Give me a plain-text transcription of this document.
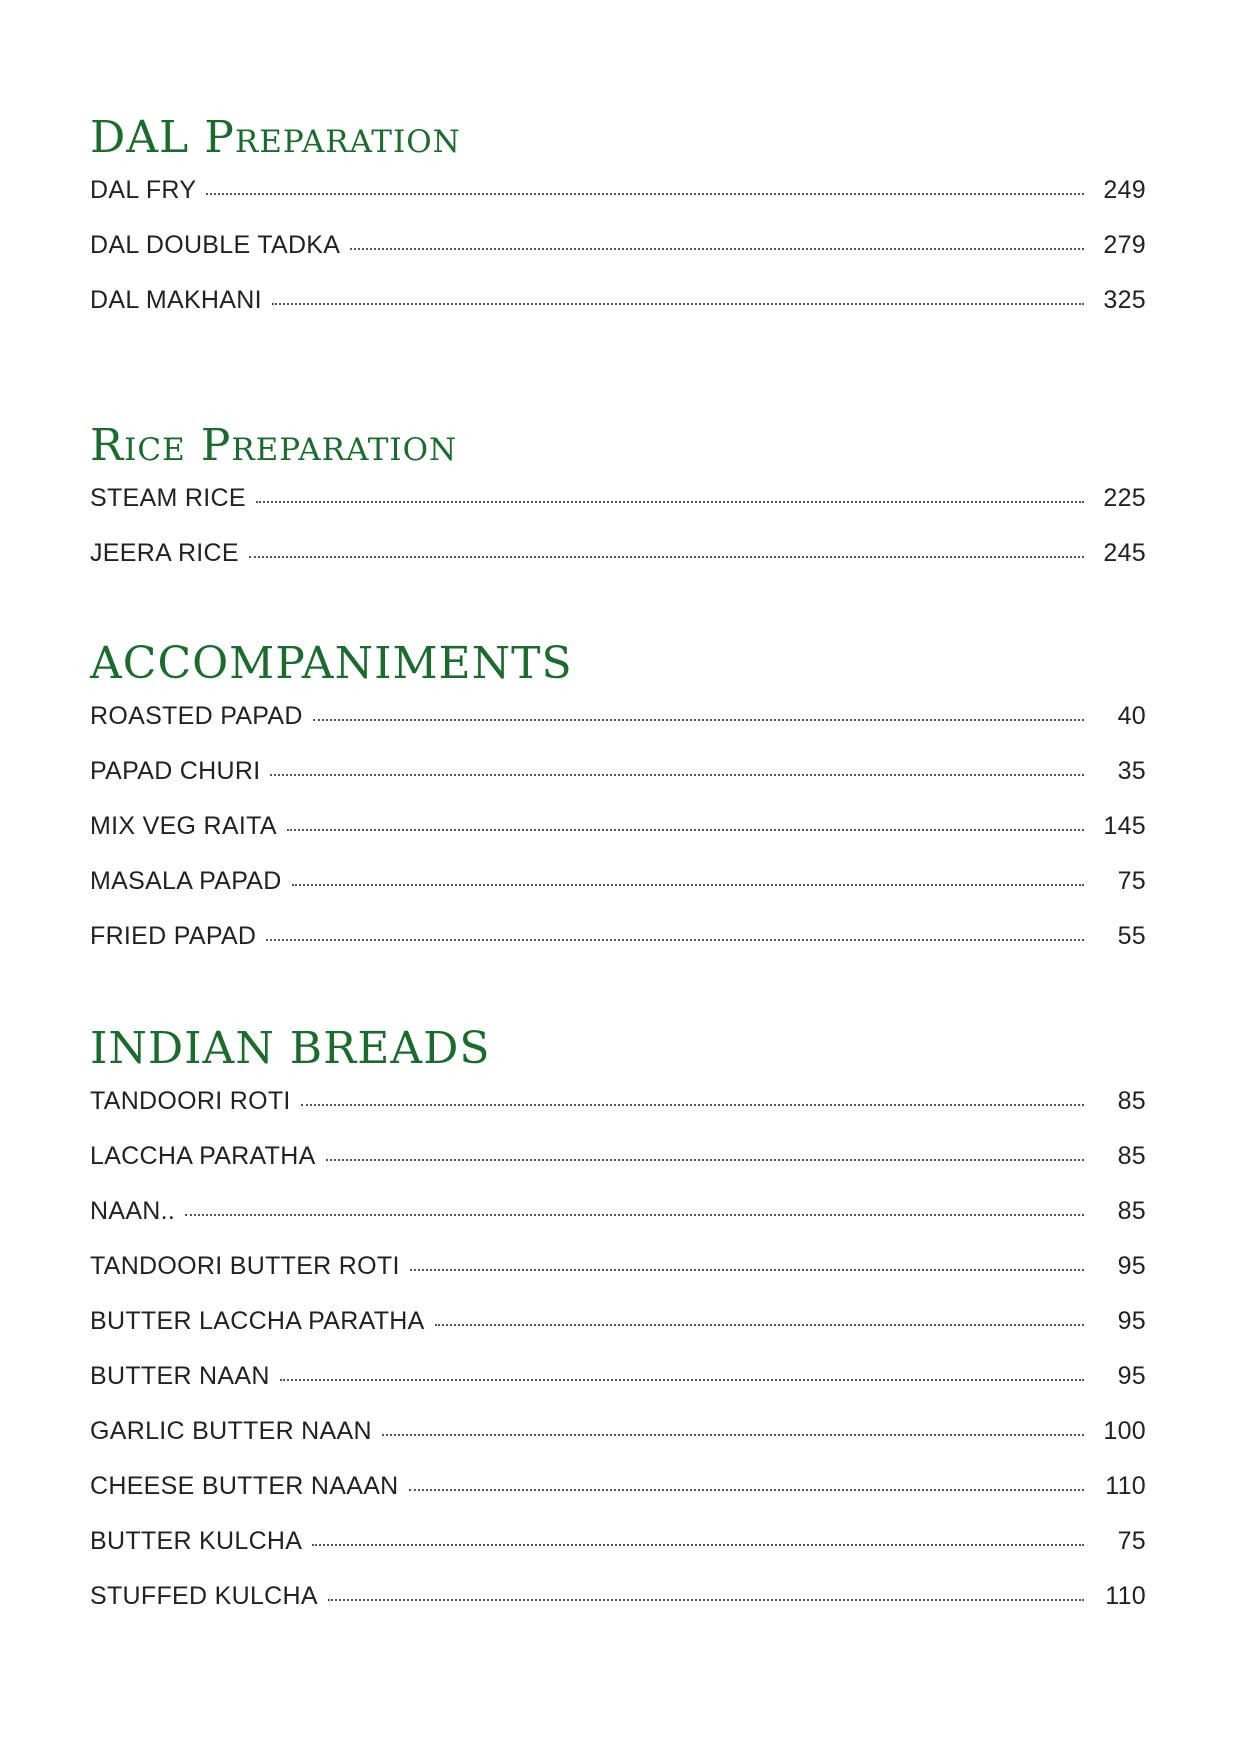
DAL Preparation
DAL FRY	249
DAL DOUBLE TADKA	279
DAL MAKHANI	325
Rice Preparation
STEAM RICE	225
JEERA RICE	245
ACCOMPANIMENTS
ROASTED PAPAD	40
PAPAD CHURI	35
MIX VEG RAITA	145
MASALA PAPAD	75
FRIED PAPAD	55
INDIAN BREADS
TANDOORI ROTI	85
LACCHA PARATHA	85
NAAN..	85
TANDOORI BUTTER ROTI	95
BUTTER LACCHA PARATHA	95
BUTTER NAAN	95
GARLIC BUTTER NAAN	100
CHEESE BUTTER NAAAN	110
BUTTER KULCHA	75
STUFFED KULCHA	110
